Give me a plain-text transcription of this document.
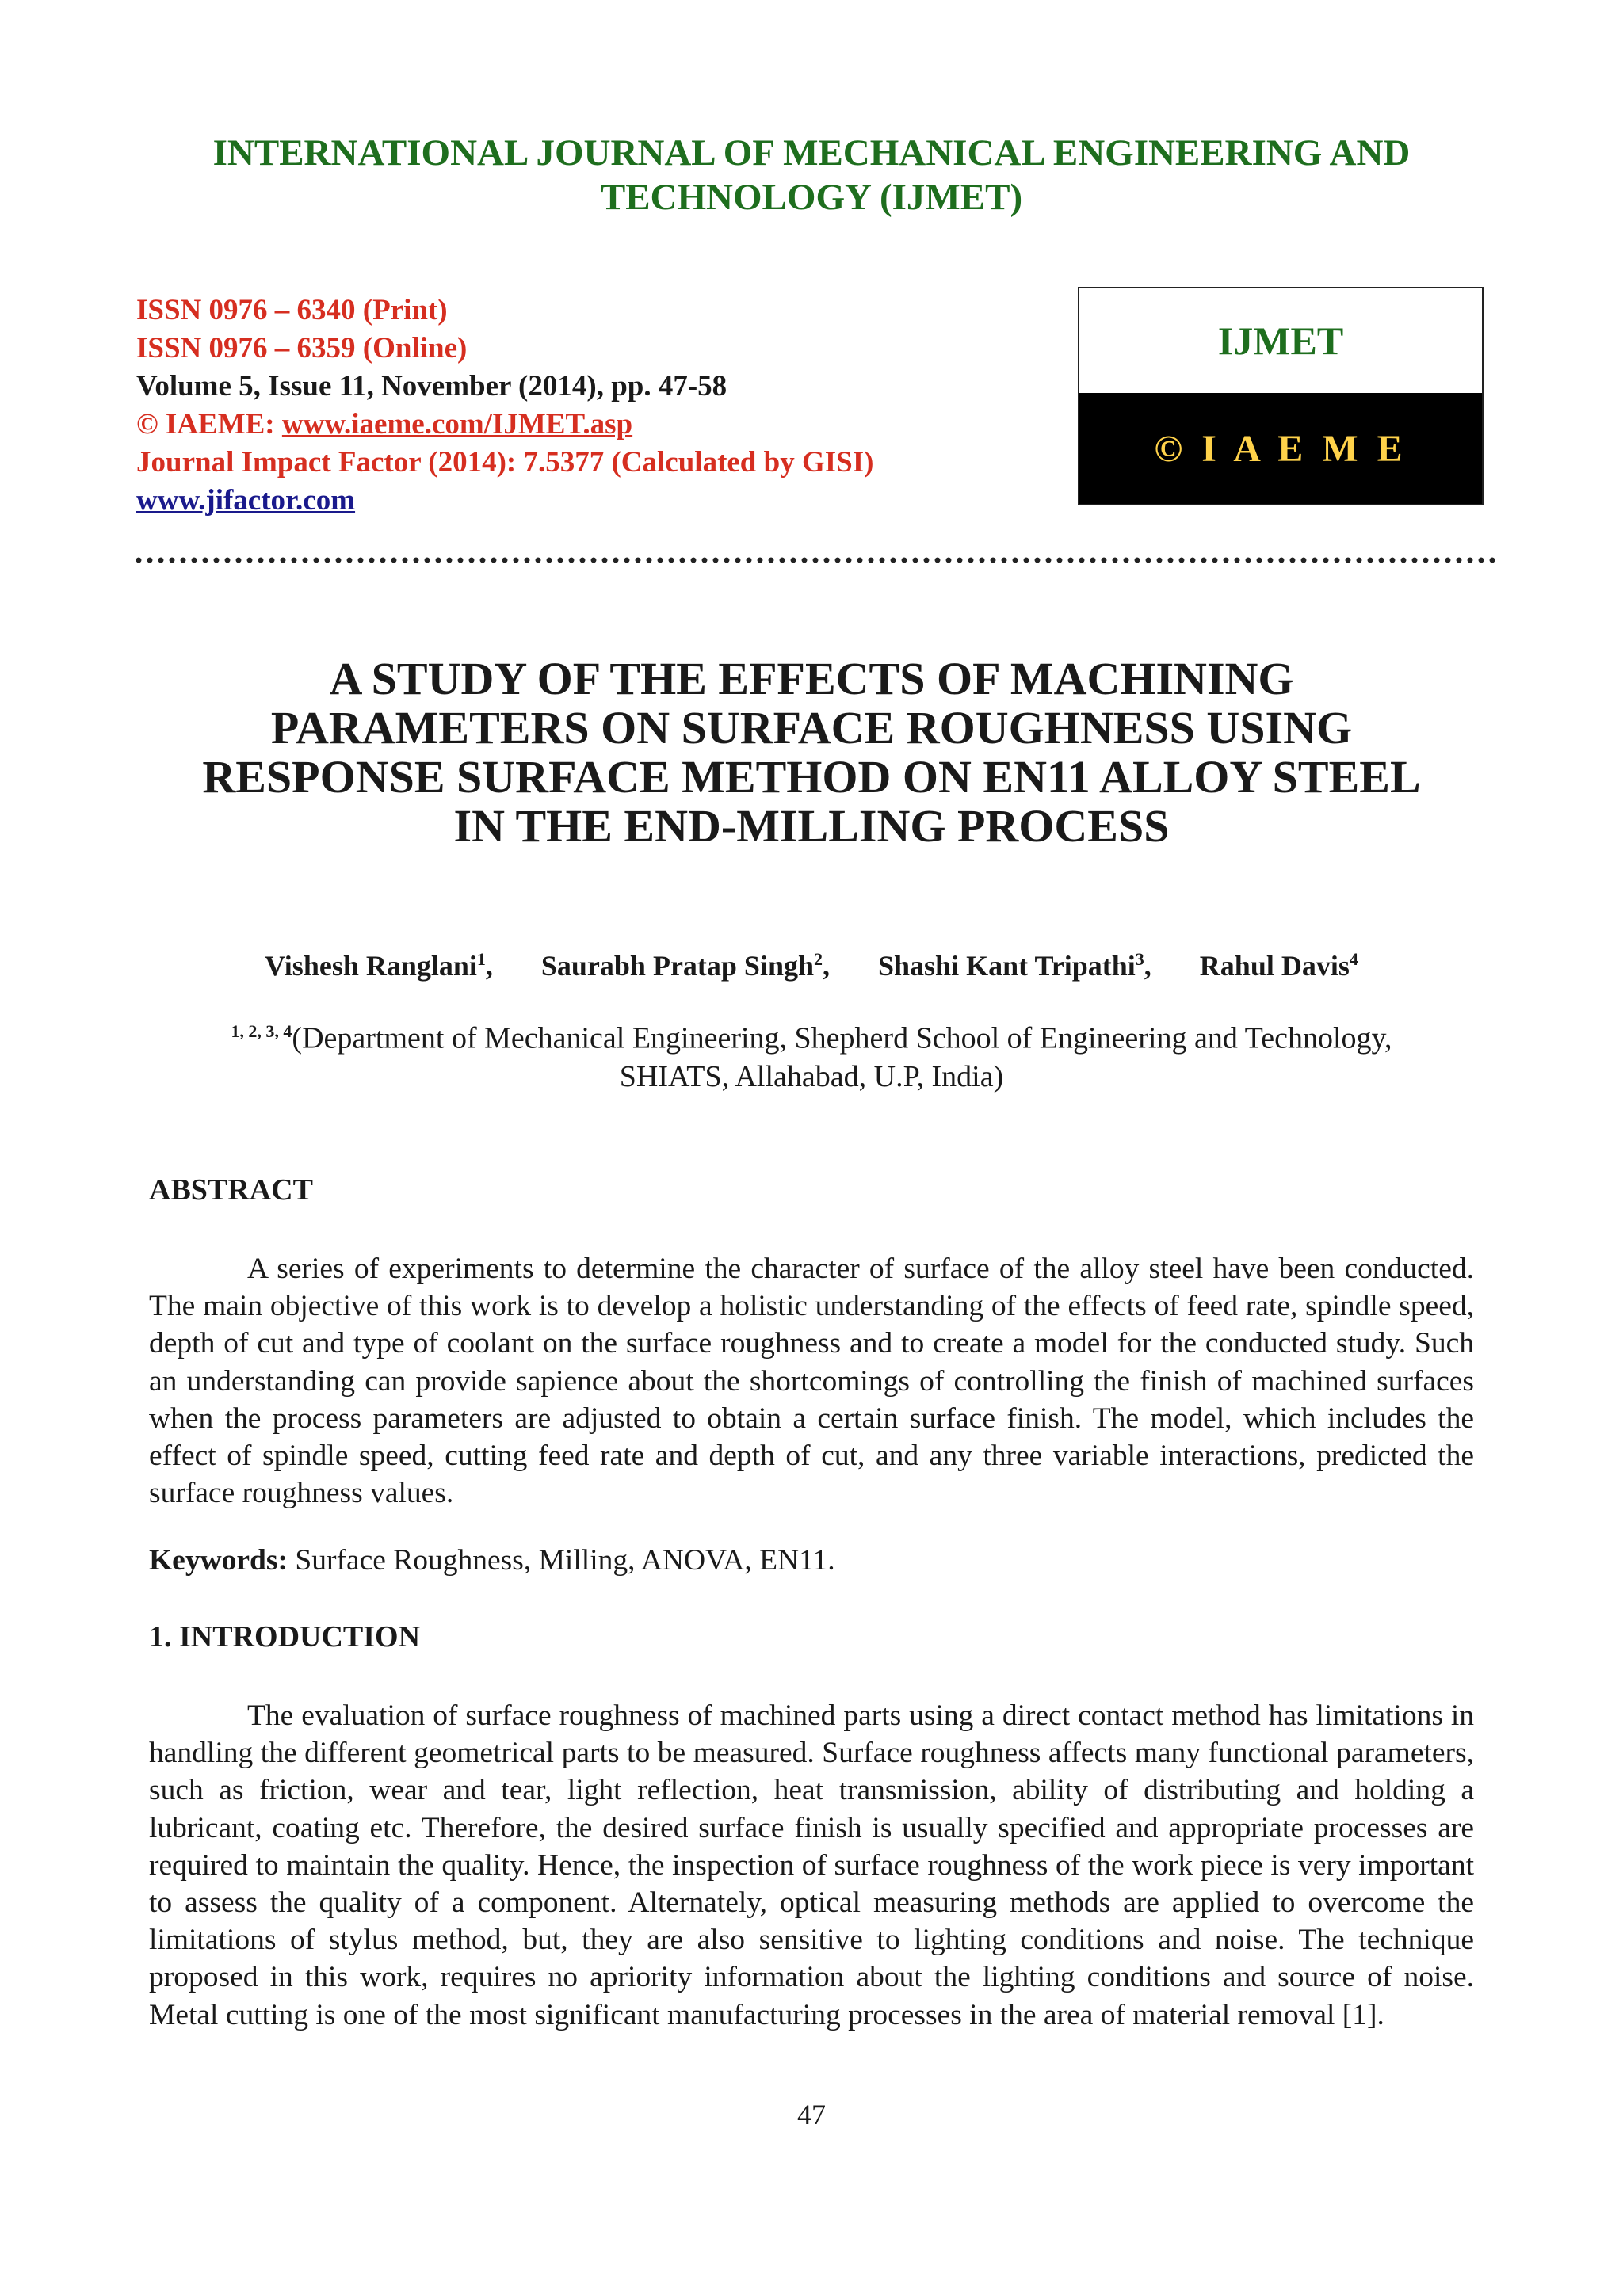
INTERNATIONAL JOURNAL OF MECHANICAL ENGINEERING AND
TECHNOLOGY (IJMET)
ISSN 0976 – 6340 (Print)
ISSN 0976 – 6359 (Online)
Volume 5, Issue 11, November (2014), pp. 47-58
© IAEME: www.iaeme.com/IJMET.asp
Journal Impact Factor (2014): 7.5377 (Calculated by GISI)
www.jifactor.com
IJMET
© I A E M E
A STUDY OF THE EFFECTS OF MACHINING
PARAMETERS ON SURFACE ROUGHNESS USING
RESPONSE SURFACE METHOD ON EN11 ALLOY STEEL
IN THE END-MILLING PROCESS
Vishesh Ranglani$^1$, Saurabh Pratap Singh$^2$, Shashi Kant Tripathi$^3$, Rahul Davis$^4$
$^{1, 2, 3, 4}$(Department of Mechanical Engineering, Shepherd School of Engineering and Technology,
SHIATS, Allahabad, U.P, India)
ABSTRACT

A series of experiments to determine the character of surface of the alloy steel have been conducted. The main objective of this work is to develop a holistic understanding of the effects of feed rate, spindle speed, depth of cut and type of coolant on the surface roughness and to create a model for the conducted study. Such an understanding can provide sapience about the shortcomings of controlling the finish of machined surfaces when the process parameters are adjusted to obtain a certain surface finish. The model, which includes the effect of spindle speed, cutting feed rate and depth of cut, and any three variable interactions, predicted the surface roughness values.

Keywords: Surface Roughness, Milling, ANOVA, EN11.
1. INTRODUCTION

The evaluation of surface roughness of machined parts using a direct contact method has limitations in handling the different geometrical parts to be measured. Surface roughness affects many functional parameters, such as friction, wear and tear, light reflection, heat transmission, ability of distributing and holding a lubricant, coating etc. Therefore, the desired surface finish is usually specified and appropriate processes are required to maintain the quality. Hence, the inspection of surface roughness of the work piece is very important to assess the quality of a component. Alternately, optical measuring methods are applied to overcome the limitations of stylus method, but, they are also sensitive to lighting conditions and noise. The technique proposed in this work, requires no apriority information about the lighting conditions and source of noise. Metal cutting is one of the most significant manufacturing processes in the area of material removal [1].

47
